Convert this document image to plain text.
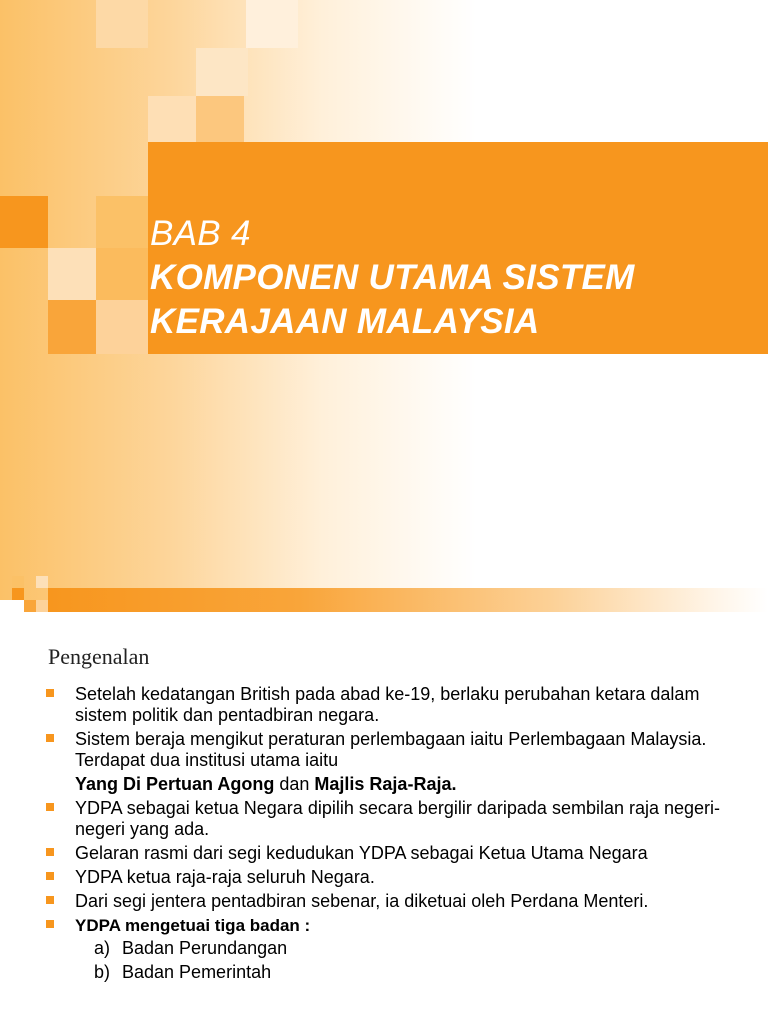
BAB 4
KOMPONEN UTAMA SISTEM
KERAJAAN MALAYSIA
Pengenalan
Setelah kedatangan British pada abad ke-19, berlaku perubahan ketara dalam sistem politik dan pentadbiran negara.
Sistem beraja mengikut peraturan perlembagaan iaitu Perlembagaan Malaysia. Terdapat dua institusi utama iaitu
Yang Di Pertuan Agong dan Majlis Raja-Raja.
YDPA sebagai ketua Negara dipilih secara bergilir daripada sembilan raja negeri-negeri yang ada.
Gelaran rasmi dari segi kedudukan YDPA sebagai Ketua Utama Negara
YDPA ketua raja-raja seluruh Negara.
Dari segi jentera pentadbiran sebenar, ia diketuai oleh Perdana Menteri.
YDPA mengetuai tiga badan :
a) Badan Perundangan
b) Badan Pemerintah
